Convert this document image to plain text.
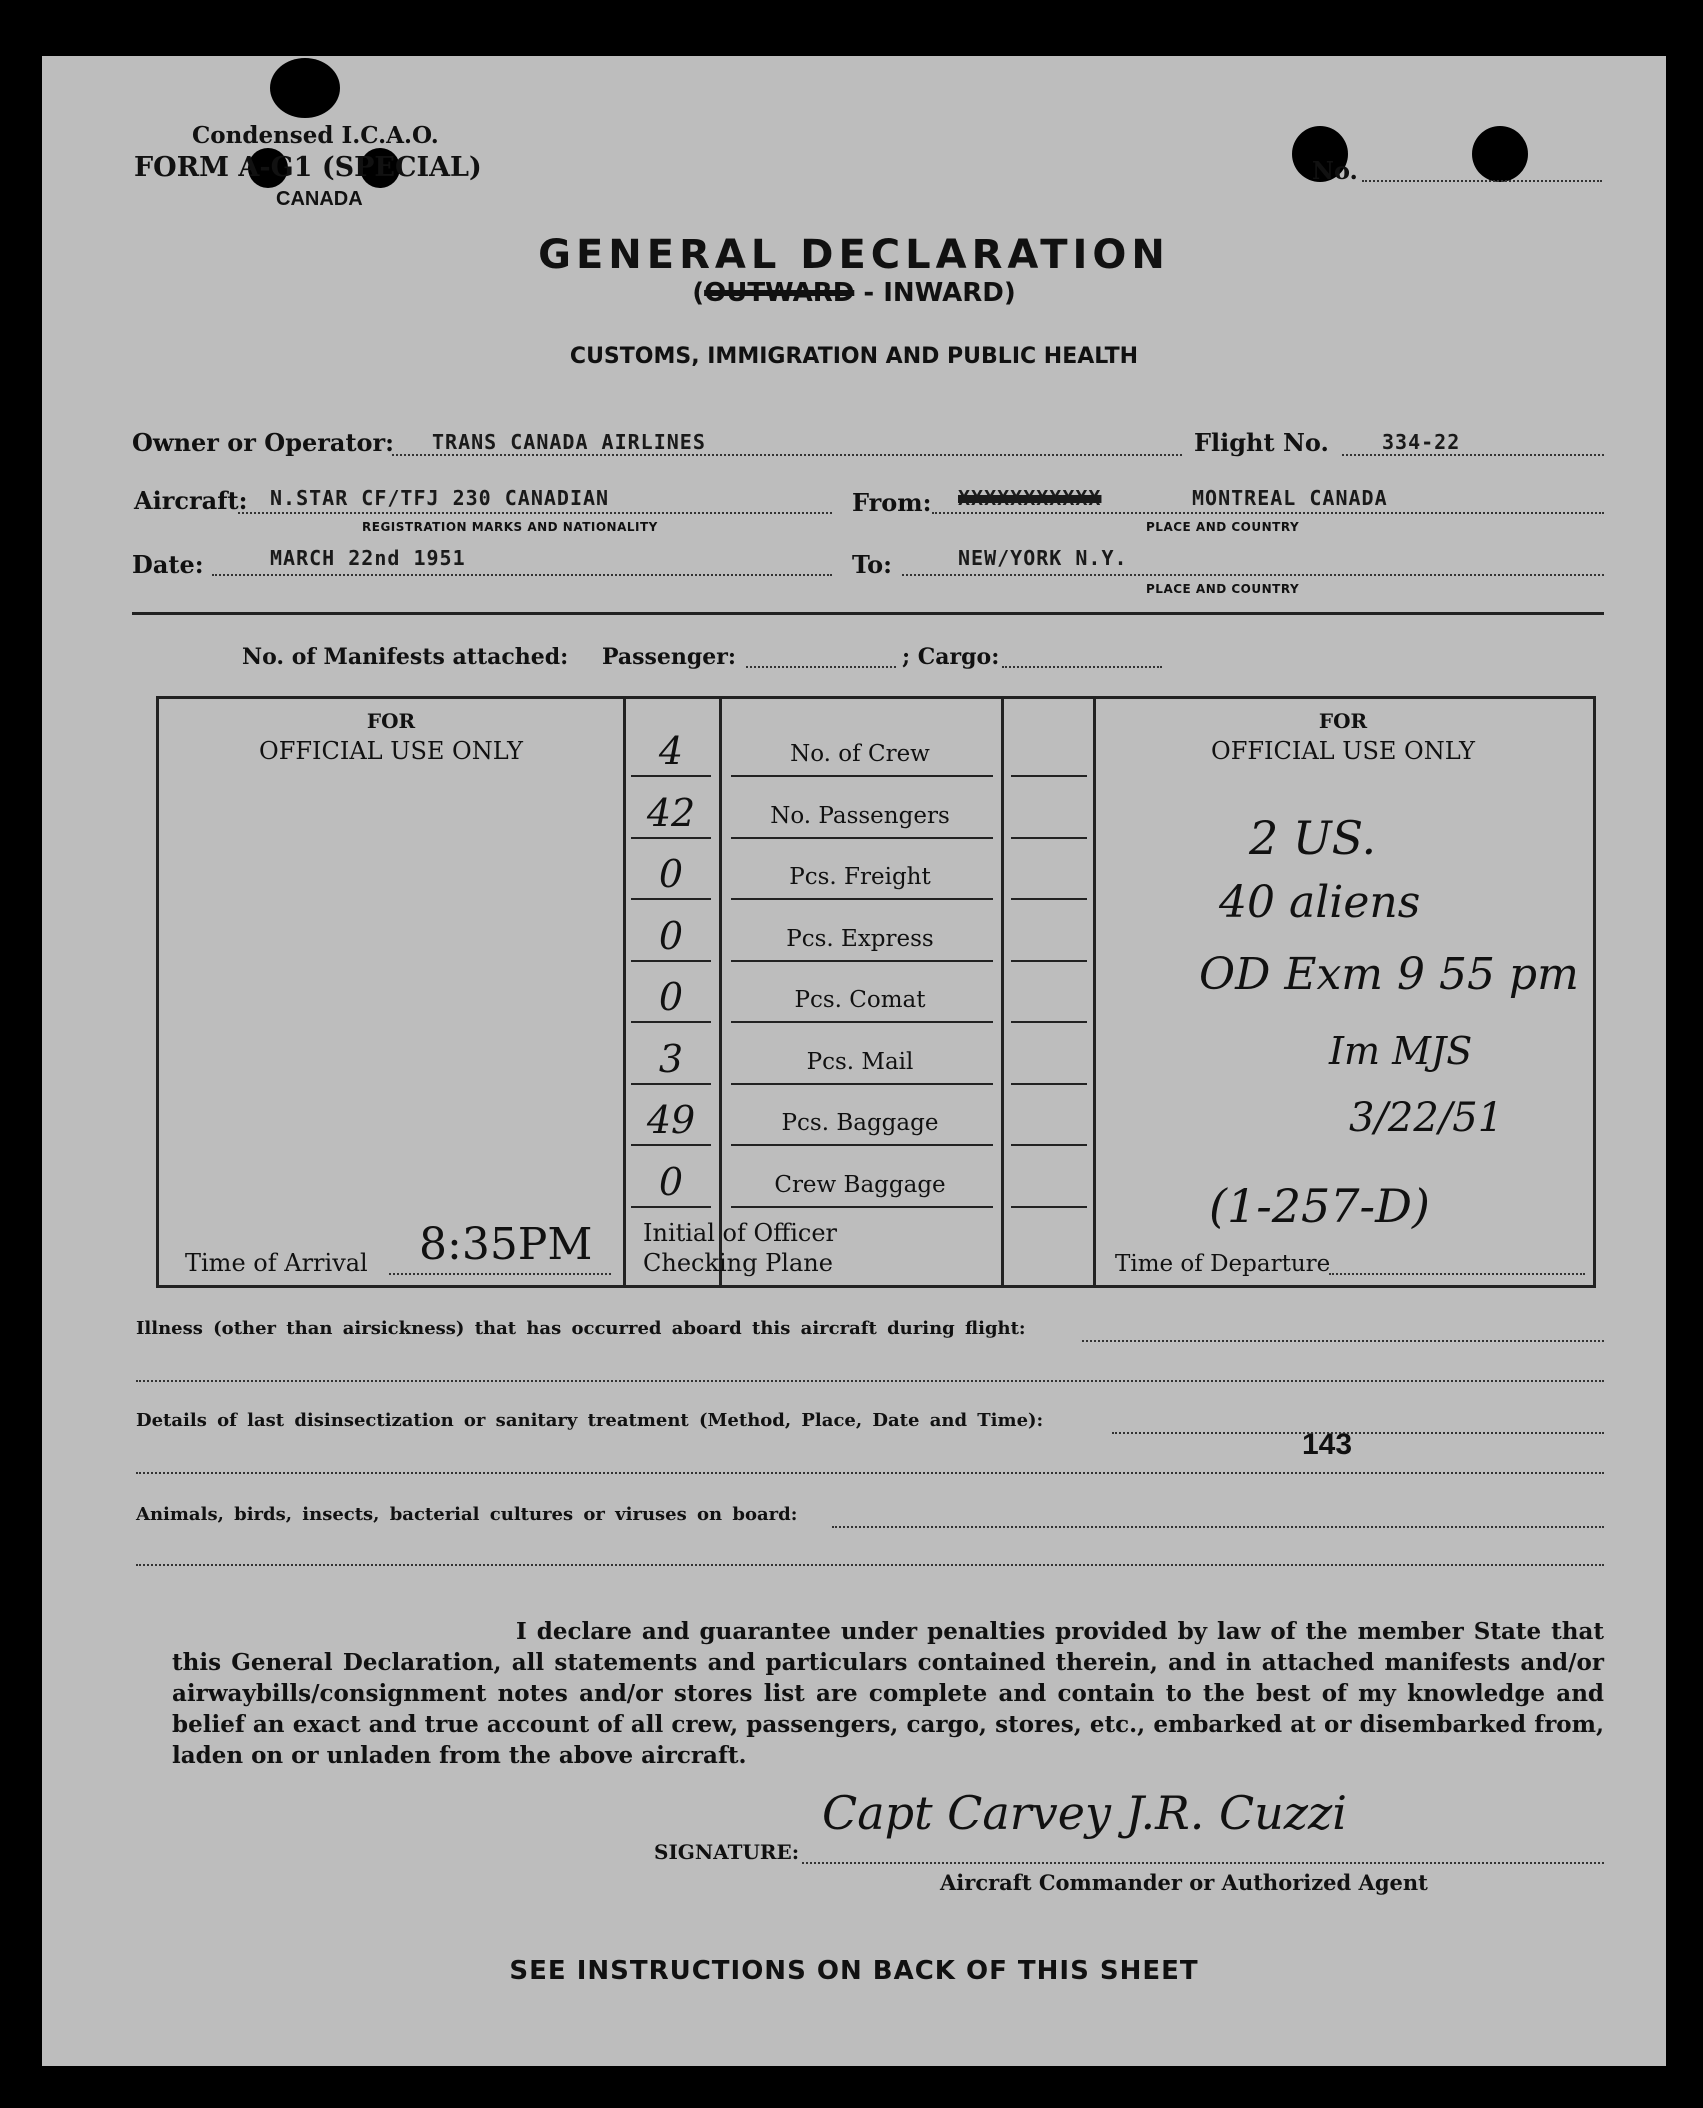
Condensed I.C.A.O.
FORM A-G1 (SPECIAL)
CANADA
No.
GENERAL DECLARATION
(OUTWARD - INWARD)
CUSTOMS, IMMIGRATION AND PUBLIC HEALTH
Owner or Operator: TRANS CANADA AIRLINES	Flight No.	334-22
Aircraft: N.STAR CF/TFJ 230 CANADIAN
REGISTRATION MARKS AND NATIONALITY
From: XXXXXXXXXXX	MONTREAL CANADA
PLACE AND COUNTRY
Date:	MARCH 22nd 1951	To:	NEW/YORK N.Y.
PLACE AND COUNTRY
No. of Manifests attached: Passenger:	; Cargo:
FOR
OFFICIAL USE ONLY
FOR
OFFICIAL USE ONLY
2 US.
40 aliens
OD Exm 9 55 pm
Im MJS
3/22/51
Time of Arrival 8:35PM Initial of Officer
Checking Plane	Time of Departure
(1-257-D)
4	No. of Crew
42	No. Passengers
0	Pcs. Freight
0	Pcs. Express
0	Pcs. Comat
3	Pcs. Mail
49	Pcs. Baggage
0	Crew Baggage
Illness (other than airsickness) that has occurred aboard this aircraft during flight:
Details of last disinsectization or sanitary treatment (Method, Place, Date and Time):
143
Animals, birds, insects, bacterial cultures or viruses on board:
I declare and guarantee under penalties provided by law of the member State that this General Declaration, all statements and particulars contained therein, and in attached manifests and/or airwaybills/consignment notes and/or stores list are complete and contain to the best of my knowledge and belief an exact and true account of all crew, passengers, cargo, stores, etc., embarked at or disembarked from, laden on or unladen from the above aircraft.
SIGNATURE:
Capt Carvey J.R. Cuzzi
Aircraft Commander or Authorized Agent
SEE INSTRUCTIONS ON BACK OF THIS SHEET
